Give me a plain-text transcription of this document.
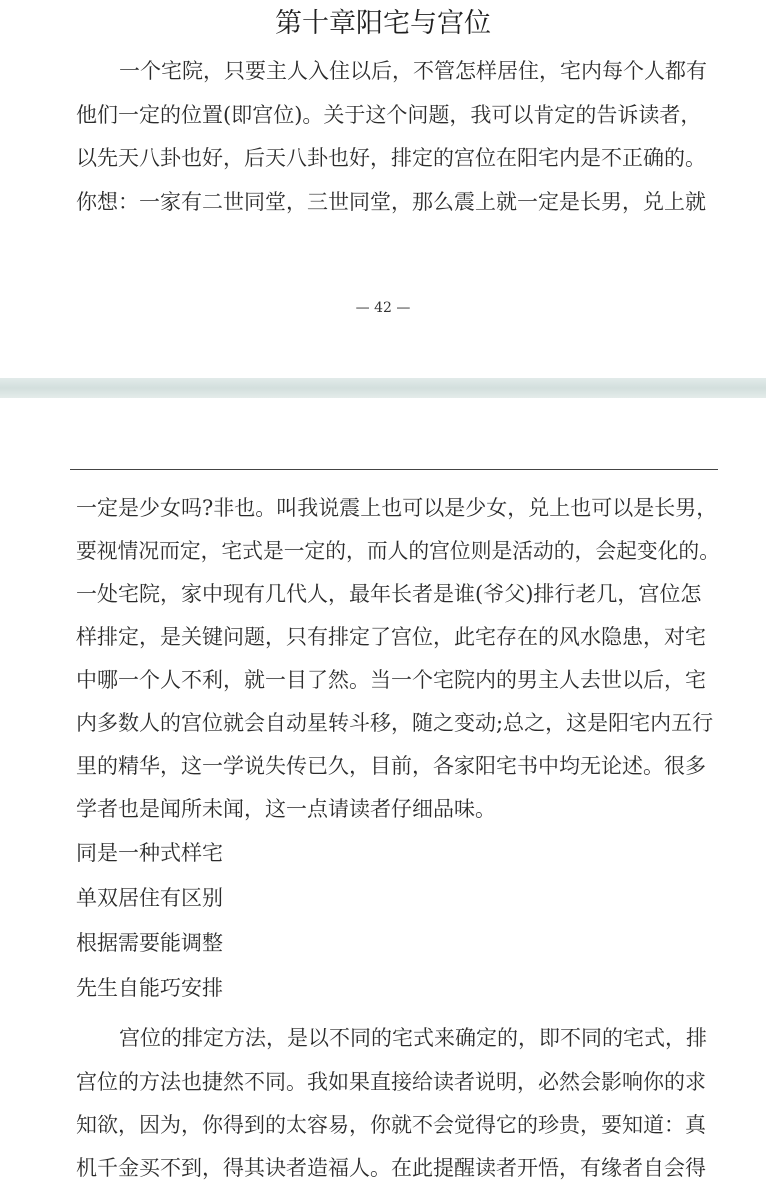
第十章阳宅与宫位
一个宅院，只要主人入住以后，不管怎样居住，宅内每个人都有
他们一定的位置(即宫位)。关于这个问题，我可以肯定的告诉读者，
以先天八卦也好，后天八卦也好，排定的宫位在阳宅内是不正确的。
你想：一家有二世同堂，三世同堂，那么震上就一定是长男，兑上就
— 42 —
一定是少女吗?非也。叫我说震上也可以是少女，兑上也可以是长男，
要视情况而定，宅式是一定的，而人的宫位则是活动的，会起变化的。
一处宅院，家中现有几代人，最年长者是谁(爷父)排行老几，宫位怎
样排定，是关键问题，只有排定了宫位，此宅存在的风水隐患，对宅
中哪一个人不利，就一目了然。当一个宅院内的男主人去世以后，宅
内多数人的宫位就会自动星转斗移，随之变动;总之，这是阳宅内五行
里的精华，这一学说失传已久，目前，各家阳宅书中均无论述。很多
学者也是闻所未闻，这一点请读者仔细品味。
同是一种式样宅
单双居住有区别
根据需要能调整
先生自能巧安排
宫位的排定方法，是以不同的宅式来确定的，即不同的宅式，排
宫位的方法也捷然不同。我如果直接给读者说明，必然会影响你的求
知欲，因为，你得到的太容易，你就不会觉得它的珍贵，要知道：真
机千金买不到，得其诀者造福人。在此提醒读者开悟，有缘者自会得
